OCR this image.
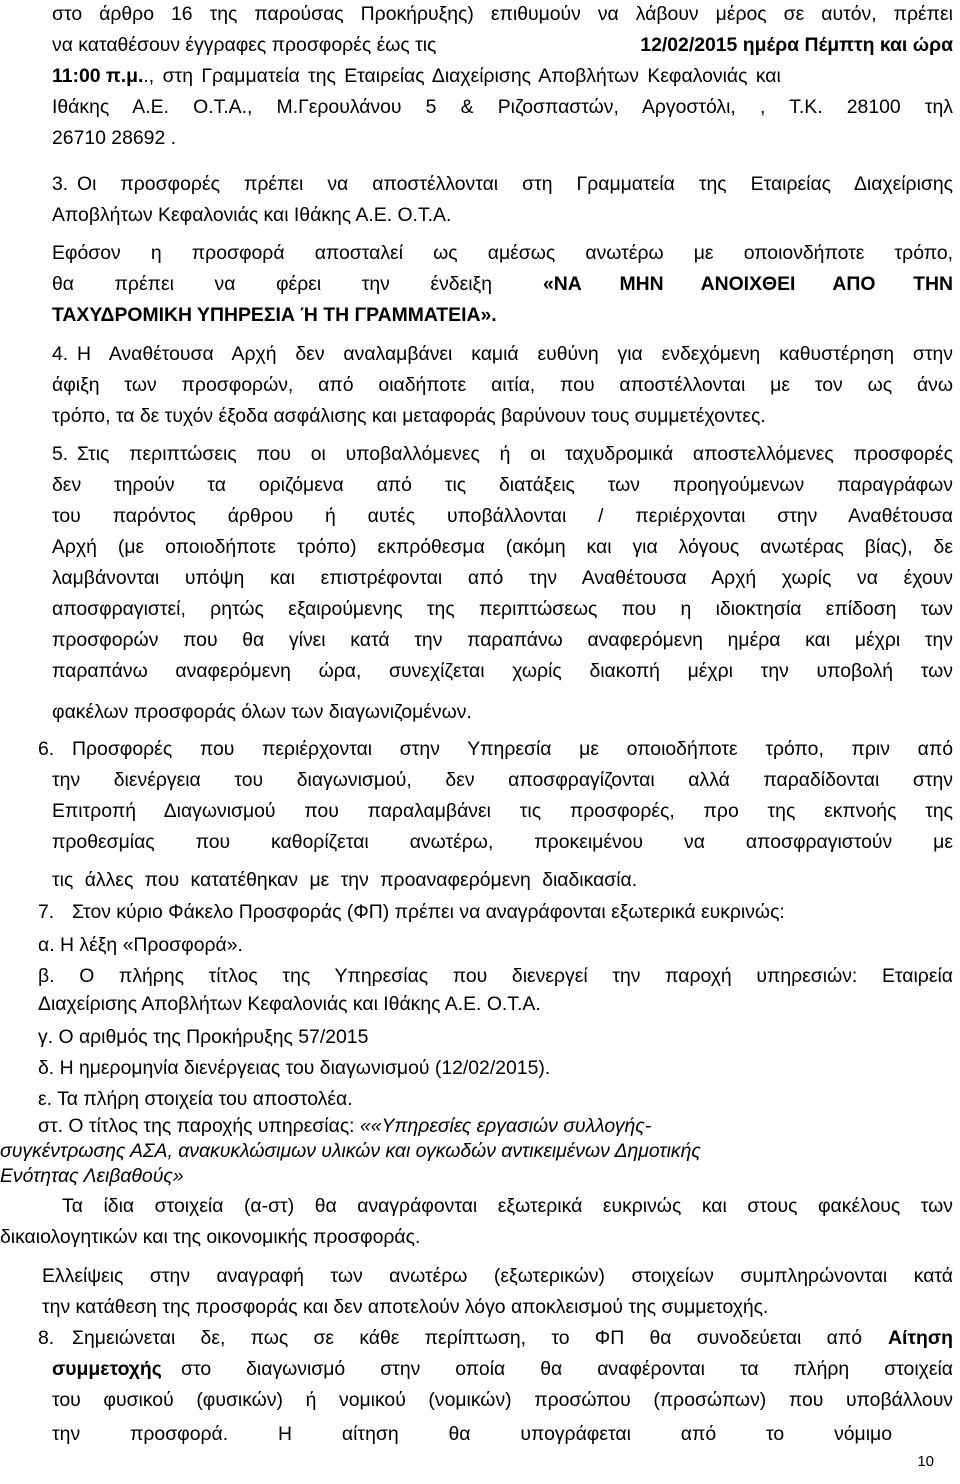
στο άρθρο 16 της παρούσας Προκήρυξης) επιθυμούν να λάβουν μέρος σε αυτόν, πρέπει
να καταθέσουν έγγραφες προσφορές έως τις	12/02/2015 ημέρα Πέμπτη και ώρα
11:00 π.μ.., στη Γραμματεία της Εταιρείας Διαχείρισης Αποβλήτων Κεφαλονιάς και
Ιθάκης Α.Ε. Ο.Τ.Α., Μ.Γερουλάνου 5 & Ριζοσπαστών, Αργοστόλι, , Τ.Κ. 28100 τηλ
26710 28692 .
3. Οι προσφορές πρέπει να αποστέλλονται στη Γραμματεία της Εταιρείας Διαχείρισης
Αποβλήτων Κεφαλονιάς και Ιθάκης Α.Ε. Ο.Τ.Α.
Εφόσον η προσφορά αποσταλεί ως αμέσως ανωτέρω με οποιονδήποτε τρόπο,
θα πρέπει να φέρει την ένδειξη	«ΝΑ ΜΗΝ ΑΝΟΙΧΘΕΙ ΑΠΟ ΤΗΝ
ΤΑΧΥΔΡΟΜΙΚΗ ΥΠΗΡΕΣΙΑ Ή ΤΗ ΓΡΑΜΜΑΤΕΙΑ».
4. Η Αναθέτουσα Αρχή δεν αναλαμβάνει καμιά ευθύνη για ενδεχόμενη καθυστέρηση στην
άφιξη των προσφορών, από οιαδήποτε αιτία, που αποστέλλονται με τον ως άνω
τρόπο, τα δε τυχόν έξοδα ασφάλισης και μεταφοράς βαρύνουν τους συμμετέχοντες.
5. Στις περιπτώσεις που οι υποβαλλόμενες ή οι ταχυδρομικά αποστελλόμενες προσφορές
δεν τηρούν τα οριζόμενα από τις διατάξεις των προηγούμενων παραγράφων
του παρόντος άρθρου ή αυτές υποβάλλονται / περιέρχονται στην Αναθέτουσα
Αρχή (με οποιοδήποτε τρόπο) εκπρόθεσμα (ακόμη και για λόγους ανωτέρας βίας), δε
λαμβάνονται υπόψη και επιστρέφονται από την Αναθέτουσα Αρχή χωρίς να έχουν
αποσφραγιστεί, ρητώς εξαιρούμενης της περιπτώσεως που η ιδιοκτησία επίδοση των
προσφορών που θα γίνει κατά την παραπάνω αναφερόμενη ημέρα και μέχρι την
παραπάνω αναφερόμενη ώρα, συνεχίζεται χωρίς διακοπή μέχρι την υποβολή των
φακέλων προσφοράς όλων των διαγωνιζομένων.
6. Προσφορές που περιέρχονται στην Υπηρεσία με οποιοδήποτε τρόπο, πριν από
την διενέργεια του διαγωνισμού, δεν αποσφραγίζονται αλλά παραδίδονται στην
Επιτροπή Διαγωνισμού που παραλαμβάνει τις προσφορές, προ της εκπνοής της
προθεσμίας που καθορίζεται ανωτέρω, προκειμένου να αποσφραγιστούν με
τις άλλες που κατατέθηκαν με την προαναφερόμενη διαδικασία.
7. Στον κύριο Φάκελο Προσφοράς (ΦΠ) πρέπει να αναγράφονται εξωτερικά ευκρινώς:
α. Η λέξη «Προσφορά».
β. Ο πλήρης τίτλος της Υπηρεσίας που διενεργεί την παροχή υπηρεσιών: Εταιρεία
Διαχείρισης Αποβλήτων Κεφαλονιάς και Ιθάκης Α.Ε. Ο.Τ.Α.
γ. Ο αριθμός της Προκήρυξης 57/2015
δ. Η ημερομηνία διενέργειας του διαγωνισμού (12/02/2015).
ε. Τα πλήρη στοιχεία του αποστολέα.
στ. Ο τίτλος της παροχής υπηρεσίας: ««Υπηρεσίες εργασιών συλλογής-
συγκέντρωσης ΑΣΑ, ανακυκλώσιμων υλικών και ογκωδών αντικειμένων Δημοτικής
Ενότητας Λειβαθούς»
Τα ίδια στοιχεία (α-στ) θα αναγράφονται εξωτερικά ευκρινώς και στους φακέλους των
δικαιολογητικών και της οικονομικής προσφοράς.
Ελλείψεις στην αναγραφή των ανωτέρω (εξωτερικών) στοιχείων συμπληρώνονται κατά
την κατάθεση της προσφοράς και δεν αποτελούν λόγο αποκλεισμού της συμμετοχής.
8. Σημειώνεται δε, πως σε κάθε περίπτωση, το ΦΠ θα συνοδεύεται από Αίτηση
συμμετοχής στο διαγωνισμό στην οποία θα αναφέρονται τα πλήρη στοιχεία
του φυσικού (φυσικών) ή νομικού (νομικών) προσώπου (προσώπων) που υποβάλλουν
την προσφορά. Η αίτηση θα υπογράφεται από το νόμιμο
10
